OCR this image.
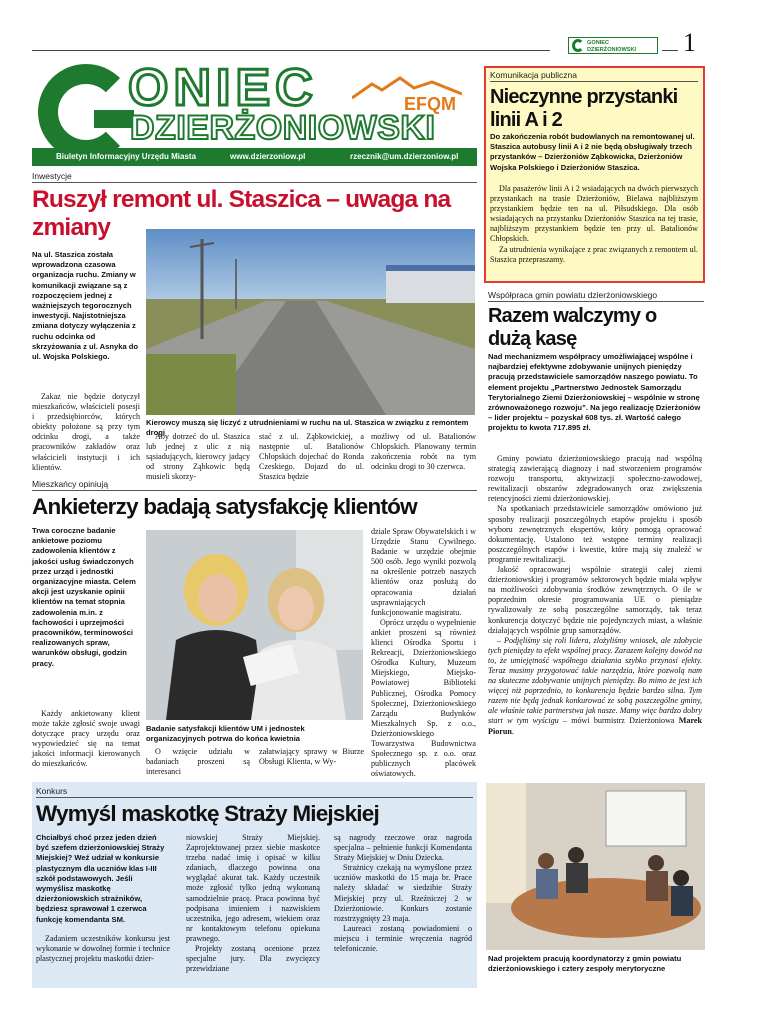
GONIEC DZIERŻONIOWSKI	1
ONIEC	EFQM
DZIERŻONIOWSKI
Biuletyn Informacyjny Urzędu Miasta	www.dzierzoniow.pl	rzecznik@um.dzierzoniow.pl
Inwestycje
Ruszył remont ul. Staszica – uwaga na zmiany
Na ul. Staszica została wprowadzona czasowa organizacja ruchu. Zmiany w komunikacji związane są z rozpoczęciem jednej z ważniejszych tegorocznych inwestycji. Najistotniejsza zmiana dotyczy wyłączenia z ruchu odcinka od skrzyżowania z ul. Asnyka do ul. Wojska Polskiego.

Zakaz nie będzie dotyczył mieszkańców, właścicieli posesji i przedsiębiorców, których obiekty położone są przy tym odcinku drogi, a także pracowników zakładów oraz właścicieli instytucji i ich klientów.

Kierowcy muszą się liczyć z utrudnieniami w ruchu na ul. Staszica w związku z remontem drogi

Aby dotrzeć do ul. Staszica lub jednej z ulic z nią sąsiadujących, kierowcy jadący od strony Ząbkowic będą musieli skorzy-

stać z ul. Ząbkowickiej, a następnie ul. Batalionów Chłopskich dojechać do Ronda Czeskiego. Dojazd do ul. Staszica będzie

możliwy od ul. Batalionów Chłopskich. Planowany termin zakończenia robót na tym odcinku drogi to 30 czerwca.

Mieszkańcy opiniują
Ankieterzy badają satysfakcję klientów
Trwa coroczne badanie ankietowe poziomu zadowolenia klientów z jakości usług świadczonych przez urząd i jednostki organizacyjne miasta. Celem akcji jest uzyskanie opinii klientów na temat stopnia zadowolenia m.in. z fachowości i uprzejmości pracowników, terminowości realizowanych spraw, warunków obsługi, godzin pracy.

Każdy ankietowany klient może także zgłosić swoje uwagi dotyczące pracy urzędu oraz wypowiedzieć się na temat jakości informacji kierowanych do mieszkańców.

Badanie satysfakcji klientów UM i jednostek organizacyjnych potrwa do końca kwietnia

O wzięcie udziału w badaniach proszeni są interesanci

załatwiający sprawy w Biurze Obsługi Klienta, w Wy-

dziale Spraw Obywatelskich i w Urzędzie Stanu Cywilnego. Badanie w urzędzie obejmie 500 osób. Jego wyniki pozwolą na określenie potrzeb naszych klientów oraz posłużą do opracowania działań usprawniających funkcjonowanie magistratu.

Oprócz urzędu o wypełnienie ankiet proszeni są również klienci Ośrodka Sportu i Rekreacji, Dzierżoniowskiego Ośrodka Kultury, Muzeum Miejskiego, Miejsko-Powiatowej Biblioteki Publicznej, Ośrodka Pomocy Społecznej, Dzierżoniowskiego Zarządu Budynków Mieszkalnych Sp. z o.o., Dzierżoniowskiego Towarzystwa Budownictwa Społecznego sp. z o.o. oraz publicznych placówek oświatowych.

Konkurs
Wymyśl maskotkę Straży Miejskiej
Chciałbyś choć przez jeden dzień być szefem dzierżoniowskiej Straży Miejskiej? Weź udział w konkursie plastycznym dla uczniów klas I-III szkół podstawowych. Jeśli wymyślisz maskotkę dzierżoniowskich strażników, będziesz sprawował 1 czerwca funkcję komendanta SM.

Zadaniem uczestników konkursu jest wykonanie w dowolnej formie i technice plastycznej projektu maskotki dzier-

niowskiej Straży Miejskiej. Zaprojektowanej przez siebie maskotce trzeba nadać imię i opisać w kilku zdaniach, dlaczego powinna ona wyglądać akurat tak. Każdy uczestnik może zgłosić tylko jedną wykonaną samodzielnie pracę. Praca powinna być podpisana imieniem i nazwiskiem uczestnika, jego adresem, wiekiem oraz nr kontaktowym telefonu opiekuna prawnego.

Projekty zostaną ocenione przez specjalne jury. Dla zwycięzcy przewidziane

są nagrody rzeczowe oraz nagroda specjalna – pełnienie funkcji Komendanta Straży Miejskiej w Dniu Dziecka.

Strażnicy czekają na wymyślone przez uczniów maskotki do 15 maja br. Prace należy składać w siedzibie Straży Miejskiej przy ul. Rzeźniczej 2 w Dzierżoniowie. Konkurs zostanie rozstrzygnięty 23 maja.

Laureaci zostaną powiadomieni o miejscu i terminie wręczenia nagród telefonicznie.

Komunikacja publiczna
Nieczynne przystanki linii A i 2
Do zakończenia robót budowlanych na remontowanej ul. Staszica autobusy linii A i 2 nie będą obsługiwały trzech przystanków – Dzierżoniów Ząbkowicka, Dzierżoniów Wojska Polskiego i Dzierżoniów Staszica.

Dla pasażerów linii A i 2 wsiadających na dwóch pierwszych przystankach na trasie Dzierżoniów, Bielawa najbliższym przystankiem będzie ten na ul. Piłsudskiego. Dla osób wsiadających na przystanku Dzierżoniów Staszica na tej trasie, najbliższym przystankiem będzie ten przy ul. Batalionów Chłopskich.

Za utrudnienia wynikające z prac związanych z remontem ul. Staszica przepraszamy.

Współpraca gmin powiatu dzierżoniowskiego
Razem walczymy o dużą kasę
Nad mechanizmem współpracy umożliwiającej wspólne i najbardziej efektywne zdobywanie unijnych pieniędzy pracują przedstawiciele samorządów naszego powiatu. To element projektu „Partnerstwo Jednostek Samorządu Terytorialnego Ziemi Dzierżoniowskiej – wspólnie w stronę zrównoważonego rozwoju”. Na jego realizację Dzierżoniów – lider projektu – pozyskał 608 tys. zł. Wartość całego projektu to kwota 717.895 zł.

Gminy powiatu dzierżoniowskiego pracują nad wspólną strategią zawierającą diagnozy i nad stworzeniem programów rozwoju transportu, aktywizacji społeczno-zawodowej, rewitalizacji obszarów zdegradowanych oraz zwiększenia retencyjności ziemi dzierżoniowskiej.

Na spotkaniach przedstawiciele samorządów omówiono już sposoby realizacji poszczególnych etapów projektu i sposób wyboru zewnętrznych ekspertów, który pomogą opracować dokumentację. Ustalono też wstępne terminy realizacji poszczególnych etapów i kwestie, które mają się znaleźć w programie rewitalizacji.

Jakość opracowanej wspólnie strategii całej ziemi dzierżoniowskiej i programów sektorowych będzie miała wpływ na możliwości zdobywania środków zewnętrznych. O ile w poprzednim okresie programowania UE o pieniądze rywalizowały ze sobą poszczególne samorządy, tak teraz konkurencja dotyczyć będzie nie pojedynczych miast, a właśnie działających wspólnie grup samorządów.

– Podjęliśmy się roli lidera, zlożyliśmy wniosek, ale zdobycie tych pieniędzy to efekt wspólnej pracy. Zarazem kolejny dowód na to, że umiejętność współnego działania szybko przynosi efekty. Teraz musimy przygotować takie narzędzia, które pozwolą nam na skuteczne zdobywanie unijnych pieniędzy. Bo mimo że jest ich więcej niż poprzednio, to konkurencja będzie bardzo silna. Tym razem nie będą jednak konkurować ze sobą poszczególne gminy, ale właśnie takie partnerstwa jak nasze. Mamy więc bardzo dobry start w tym wyścigu – mówi burmistrz Dzierżoniowa Marek Piorun.

Nad projektem pracują koordynatorzy z gmin powiatu dzierżoniowskiego i cztery zespoły merytoryczne
